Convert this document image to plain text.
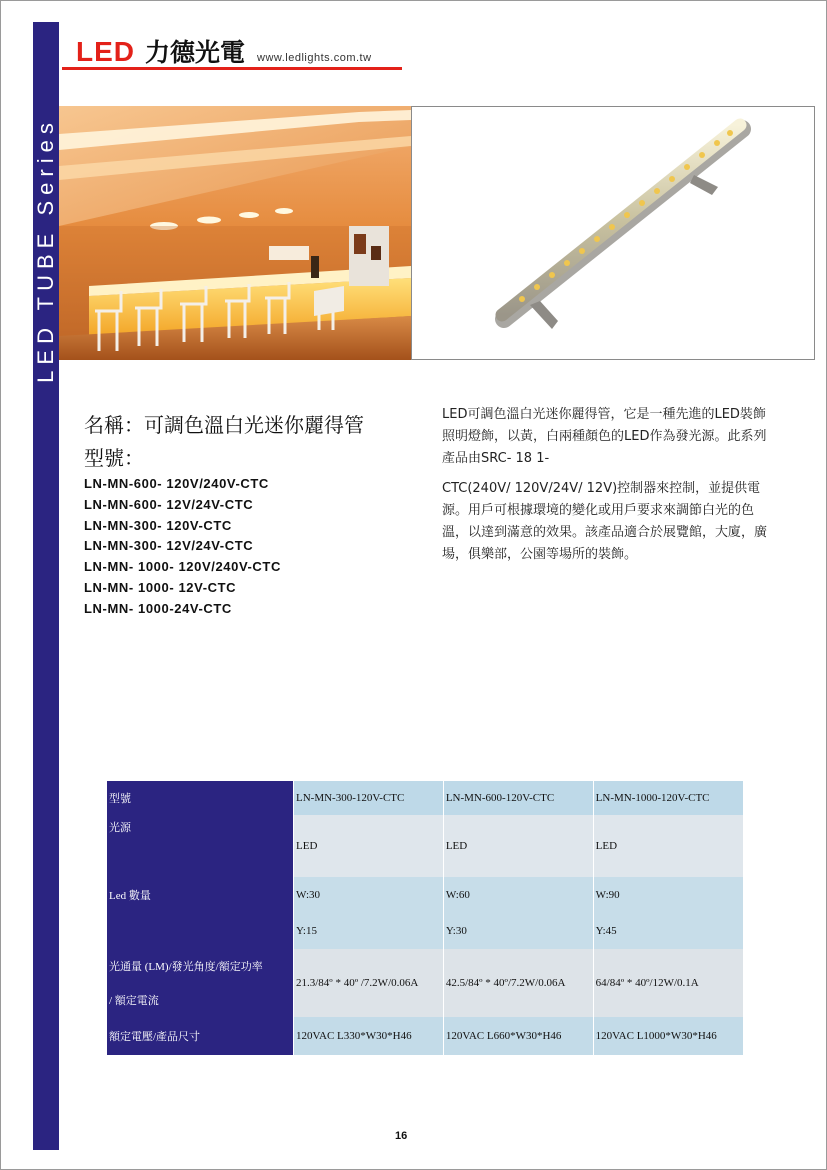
LED TUBE Series
LED 力德光電 www.ledlights.com.tw
名稱：可調色溫白光迷你麗得管
型號：
LN-MN-600- 120V/240V-CTC
LN-MN-600- 12V/24V-CTC
LN-MN-300- 120V-CTC
LN-MN-300- 12V/24V-CTC
LN-MN- 1000- 120V/240V-CTC
LN-MN- 1000- 12V-CTC
LN-MN- 1000-24V-CTC

LED可調色溫白光迷你麗得管，它是一種先進的LED裝飾照明燈飾，以黃，白兩種顏色的LED作為發光源。此系列產品由SRC- 18 1-

CTC(240V/ 120V/24V/ 12V)控制器來控制，並提供電源。用戶可根據環境的變化或用戶要求來調節白光的色溫，以達到滿意的效果。該產品適合於展覽館，大廈，廣場，俱樂部，公園等場所的裝飾。

型號	LN-MN-300-120V-CTC	LN-MN-600-120V-CTC	LN-MN-1000-120V-CTC
光源	LED	LED	LED
Led 數量	W:30	W:60	W:90
	Y:15	Y:30	Y:45

光通量 (LM)/發光角度/額定功率
/ 額定電流	21.3/84º * 40º /7.2W/0.06A	42.5/84º * 40º/7.2W/0.06A	64/84º * 40º/12W/0.1A
額定電壓/產品尺寸	120VAC L330*W30*H46	120VAC L660*W30*H46	120VAC L1000*W30*H46
16
